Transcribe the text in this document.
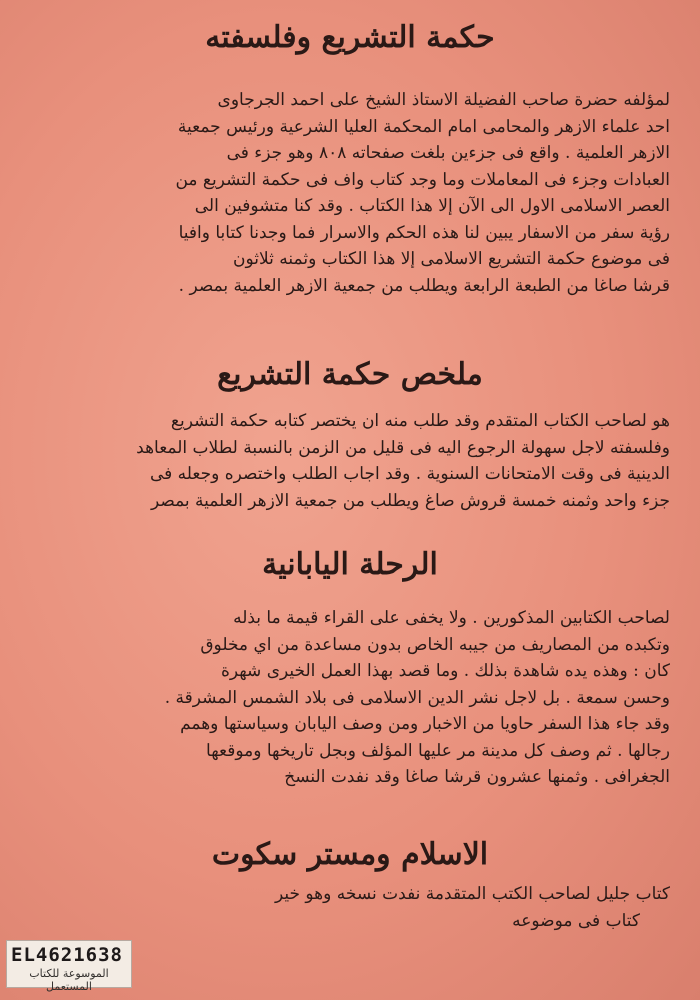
حكمة التشريع وفلسفته
لمؤلفه حضرة صاحب الفضيلة الاستاذ الشيخ على احمد الجرجاوى
احد علماء الازهر والمحامى امام المحكمة العليا الشرعية ورئيس جمعية
الازهر العلمية . واقع فى جزءين بلغت صفحاته ٨٠٨ وهو جزء فى
العبادات وجزء فى المعاملات وما وجد كتاب واف فى حكمة التشريع من
العصر الاسلامى الاول الى الآن إلا هذا الكتاب . وقد كنا متشوفين الى
رؤية سفر من الاسفار يبين لنا هذه الحكم والاسرار فما وجدنا كتابا وافيا
فى موضوع حكمة التشريع الاسلامى إلا هذا الكتاب وثمنه ثلاثون
قرشا صاغا من الطبعة الرابعة ويطلب من جمعية الازهر العلمية بمصر .
ملخص حكمة التشريع
هو لصاحب الكتاب المتقدم وقد طلب منه ان يختصر كتابه حكمة التشريع
وفلسفته لاجل سهولة الرجوع اليه فى قليل من الزمن بالنسبة لطلاب المعاهد
الدينية فى وقت الامتحانات السنوية . وقد اجاب الطلب واختصره وجعله فى
جزء واحد وثمنه خمسة قروش صاغ ويطلب من جمعية الازهر العلمية بمصر
الرحلة اليابانية
لصاحب الكتابين المذكورين . ولا يخفى على القراء قيمة ما بذله
وتكبده من المصاريف من جيبه الخاص بدون مساعدة من اي مخلوق
كان : وهذه يده شاهدة بذلك . وما قصد بهذا العمل الخيرى شهرة
وحسن سمعة . بل لاجل نشر الدين الاسلامى فى بلاد الشمس المشرقة .
وقد جاء هذا السفر حاويا من الاخبار ومن وصف اليابان وسياستها وهمم
رجالها . ثم وصف كل مدينة مر عليها المؤلف وبجل تاريخها وموقعها
الجغرافى . وثمنها عشرون قرشا صاغا وقد نفدت النسخ
الاسلام ومستر سكوت
كتاب جليل لصاحب الكتب المتقدمة نفدت نسخه وهو خير
كتاب فى موضوعه
EL4621638
الموسوعة للكتاب المستعمل
